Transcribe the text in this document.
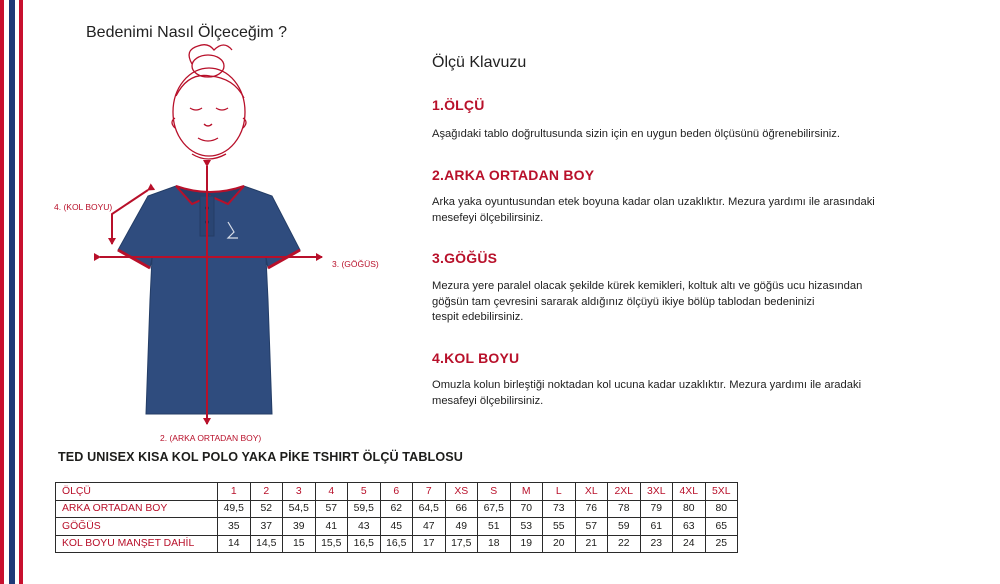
Bedenimi Nasıl Ölçeceğim ?
4. (KOL BOYU)
3. (GÖĞÜS)
2. (ARKA ORTADAN BOY)
Ölçü Klavuzu
1.ÖLÇÜ
Aşağıdaki tablo doğrultusunda sizin için en uygun beden ölçüsünü öğrenebilirsiniz.
2.ARKA ORTADAN BOY
Arka yaka oyuntusundan etek boyuna kadar olan uzaklıktır. Mezura yardımı ile arasındaki
mesefeyi ölçebilirsiniz.
3.GÖĞÜS
Mezura yere paralel olacak şekilde kürek kemikleri, koltuk altı ve göğüs ucu hizasından
göğsün tam çevresini sararak aldığınız ölçüyü ikiye bölüp tablodan bedeninizi
tespit edebilirsiniz.
4.KOL BOYU
Omuzla kolun birleştiği noktadan kol ucuna kadar uzaklıktır. Mezura yardımı ile aradaki
mesafeyi ölçebilirsiniz.
TED UNISEX KISA KOL POLO YAKA PİKE TSHIRT ÖLÇÜ TABLOSU
ÖLÇÜ	1	2	3	4	5	6	7	XS	S	M	L	XL	2XL	3XL	4XL	5XL
ARKA ORTADAN BOY	49,5	52	54,5	57	59,5	62	64,5	66	67,5	70	73	76	78	79	80	80
GÖĞÜS	35	37	39	41	43	45	47	49	51	53	55	57	59	61	63	65
KOL BOYU MANŞET DAHİL	14	14,5	15	15,5	16,5	16,5	17	17,5	18	19	20	21	22	23	24	25
